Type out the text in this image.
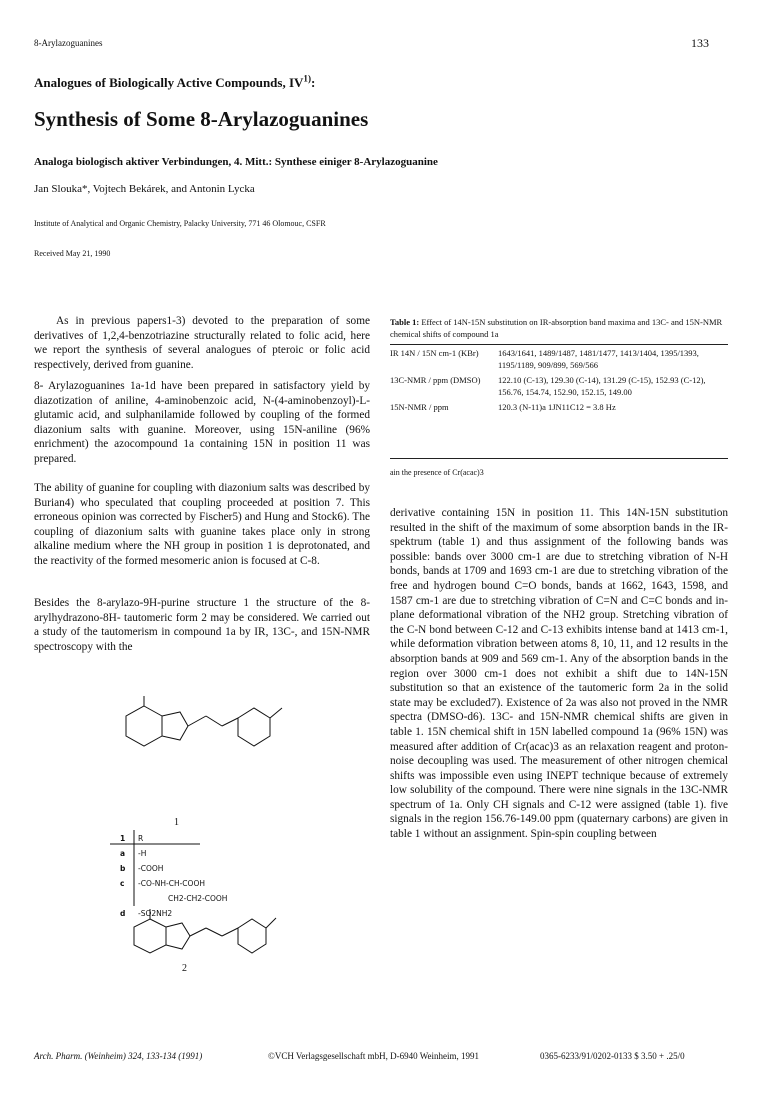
8-Arylazoguanines	133
Analogues of Biologically Active Compounds, IV$^{1)}$:
Synthesis of Some 8-Arylazoguanines
Analoga biologisch aktiver Verbindungen, 4. Mitt.: Synthese einiger 8-Arylazoguanine
Jan Slouka*, Vojtech Bekárek, and Antonin Lycka
Institute of Analytical and Organic Chemistry, Palacky University, 771 46 Olomouc, CSFR
Received May 21, 1990

As in previous papers1-3) devoted to the preparation of some derivatives of 1,2,4-benzotriazine structurally related to folic acid, here we report the synthesis of several analogues of pteroic or folic acid respectively, derived from guanine.

8- Arylazoguanines 1a-1d have been prepared in satisfactory yield by diazotization of aniline, 4-aminobenzoic acid, N-(4-aminobenzoyl)-L-glutamic acid, and sulphanilamide followed by coupling of the formed diazonium salts with guanine. Moreover, using 15N-aniline (96% enrichment) the azocompound 1a containing 15N in position 11 was prepared.

The ability of guanine for coupling with diazonium salts was described by Burian4) who speculated that coupling proceeded at position 7. This erroneous opinion was corrected by Fischer5) and Hung and Stock6). The coupling of diazonium salts with guanine takes place only in strong alkaline medium where the NH group in position 1 is deprotonated, and the reactivity of the formed mesomeric anion is focused at C-8.

Besides the 8-arylazo-9H-purine structure 1 the structure of the 8-arylhydrazono-8H- tautomeric form 2 may be considered. We carried out a study of the tautomerism in compound 1a by IR, 13C-, and 15N-NMR spectroscopy with the

Table 1: Effect of 14N-15N substitution on IR-absorption band maxima and 13C- and 15N-NMR chemical shifts of compound 1a
IR 14N / 15N cm-1 (KBr)	1643/1641, 1489/1487, 1481/1477, 1413/1404, 1395/1393, 1195/1189, 909/899, 569/566
13C-NMR / ppm (DMSO)	122.10 (C-13), 129.30 (C-14), 131.29 (C-15), 152.93 (C-12), 156.76, 154.74, 152.90, 152.15, 149.00
15N-NMR / ppm	120.3 (N-11)a 1JN11C12 = 3.8 Hz
ain the presence of Cr(acac)3

derivative containing 15N in position 11. This 14N-15N substitution resulted in the shift of the maximum of some absorption bands in the IR-spektrum (table 1) and thus assignment of the following bands was possible: bands over 3000 cm-1 are due to stretching vibration of N-H bonds, bands at 1709 and 1693 cm-1 are due to stretching vibration of the free and hydrogen bound C=O bonds, bands at 1662, 1643, 1598, and 1587 cm-1 are due to stretching vibration of C=N and C=C bonds and in-plane deformational vibration of the NH2 group. Stretching vibration of the C-N bond between C-12 and C-13 exhibits intense band at 1413 cm-1, while deformation vibration between atoms 8, 10, 11, and 12 results in the absorption bands at 909 and 569 cm-1. Any of the absorption bands in the region over 3000 cm-1 does not exhibit a shift due to 14N-15N substitution so that an existence of the tautomeric form 2a in the solid state may be excluded7). Existence of 2a was also not proved in the NMR spectra (DMSO-d6). 13C- and 15N-NMR chemical shifts are given in table 1. 15N chemical shift in 15N labelled compound 1a (96% 15N) was measured after addition of Cr(acac)3 as an relaxation reagent and proton-noise decoupling was used. The measurement of other nitrogen chemical shifts was impossible even using INEPT technique because of extremely low solubility of the compound. There were nine signals in the 13C-NMR spectrum of 1a. Only CH signals and C-12 were assigned (table 1). five signals in the region 156.76-149.00 ppm (quaternary carbons) are given in table 1 without an assignment. Spin-spin coupling between

1
1 R
a -H
b -COOH
c -CO-NH-CH-COOH
CH2-CH2-COOH
d -SO2NH2
2
Arch. Pharm. (Weinheim) 324, 133-134 (1991)	©VCH Verlagsgesellschaft mbH, D-6940 Weinheim, 1991	0365-6233/91/0202-0133 $ 3.50 + .25/0
